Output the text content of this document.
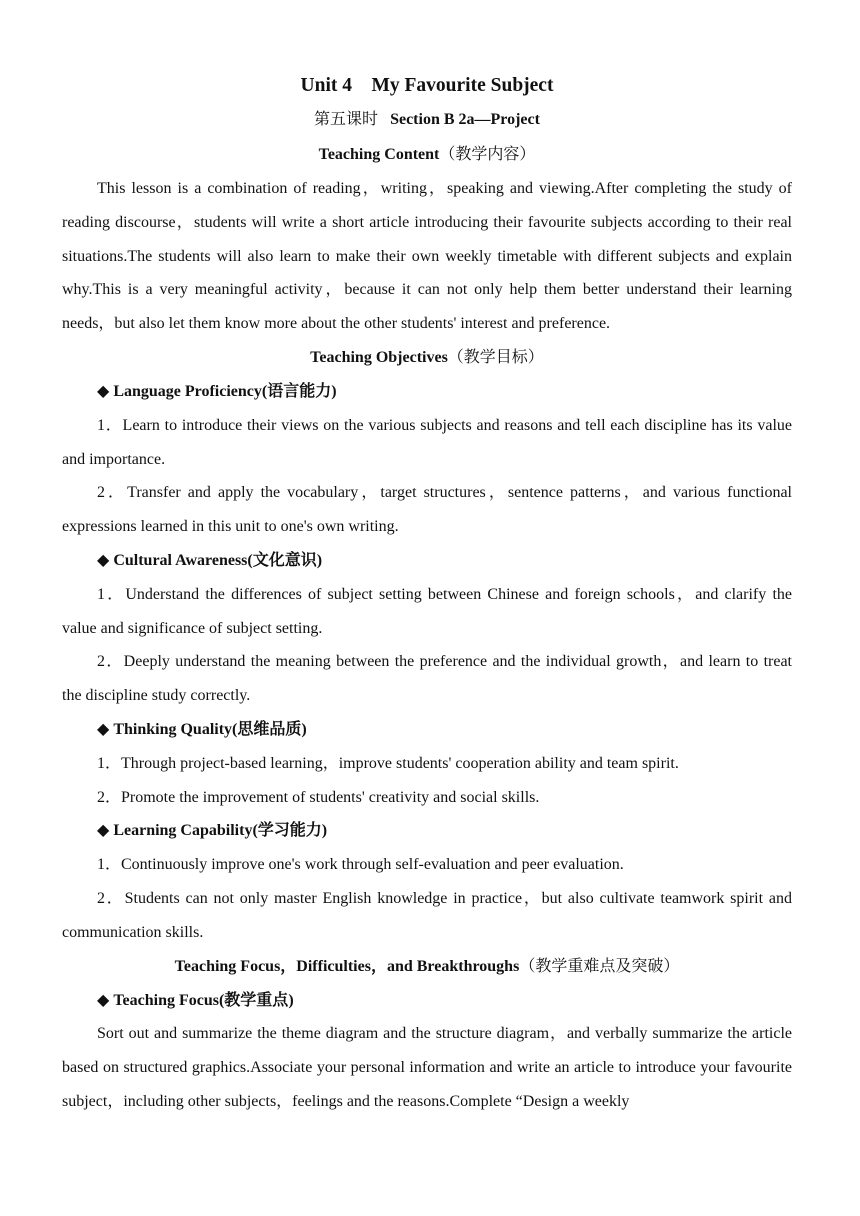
Unit 4　My Favourite Subject

第五课时 Section B 2a—Project

Teaching Content（教学内容）

This lesson is a combination of reading，writing，speaking and viewing.After completing the study of reading discourse，students will write a short article introducing their favourite subjects according to their real situations.The students will also learn to make their own weekly timetable with different subjects and explain why.This is a very meaningful activity，because it can not only help them better understand their learning needs，but also let them know more about the other students' interest and preference.

Teaching Objectives（教学目标）

◆ Language Proficiency(语言能力)

1．Learn to introduce their views on the various subjects and reasons and tell each discipline has its value and importance.

2．Transfer and apply the vocabulary，target structures，sentence patterns，and various functional expressions learned in this unit to one's own writing.

◆ Cultural Awareness(文化意识)

1．Understand the differences of subject setting between Chinese and foreign schools，and clarify the value and significance of subject setting.

2．Deeply understand the meaning between the preference and the individual growth，and learn to treat the discipline study correctly.

◆ Thinking Quality(思维品质)

1．Through project-based learning，improve students' cooperation ability and team spirit.

2．Promote the improvement of students' creativity and social skills.

◆ Learning Capability(学习能力)

1．Continuously improve one's work through self-evaluation and peer evaluation.

2．Students can not only master English knowledge in practice，but also cultivate teamwork spirit and communication skills.

Teaching Focus，Difficulties，and Breakthroughs（教学重难点及突破）

◆ Teaching Focus(教学重点)

Sort out and summarize the theme diagram and the structure diagram，and verbally summarize the article based on structured graphics.Associate your personal information and write an article to introduce your favourite subject，including other subjects，feelings and the reasons.Complete “Design a weekly
